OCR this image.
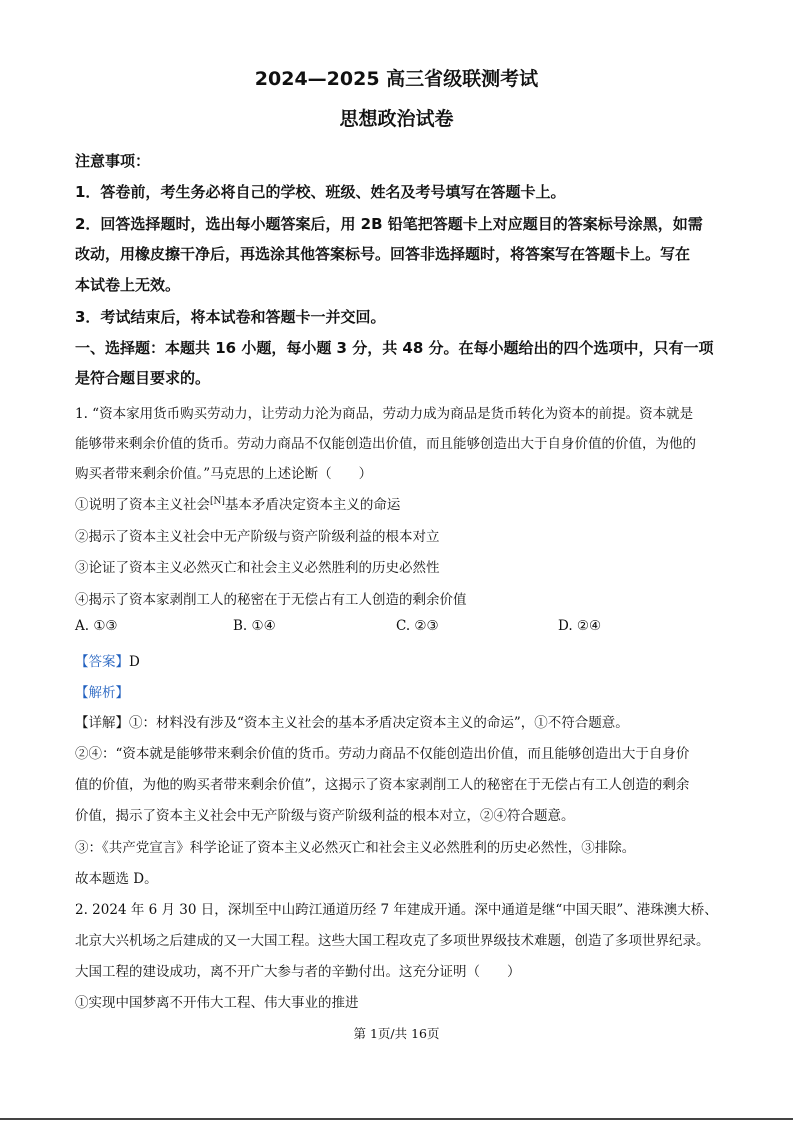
2024—2025 高三省级联测考试
思想政治试卷
注意事项：
1．答卷前，考生务必将自己的学校、班级、姓名及考号填写在答题卡上。
2．回答选择题时，选出每小题答案后，用 2B 铅笔把答题卡上对应题目的答案标号涂黑，如需
改动，用橡皮擦干净后，再选涂其他答案标号。回答非选择题时，将答案写在答题卡上。写在
本试卷上无效。
3．考试结束后，将本试卷和答题卡一并交回。
一、选择题：本题共 16 小题，每小题 3 分，共 48 分。在每小题给出的四个选项中，只有一项
是符合题目要求的。
1. “资本家用货币购买劳动力，让劳动力沦为商品，劳动力成为商品是货币转化为资本的前提。资本就是
能够带来剩余价值的货币。劳动力商品不仅能创造出价值，而且能够创造出大于自身价值的价值，为他的
购买者带来剩余价值。”马克思的上述论断（　　）
①说明了资本主义社会[N]基本矛盾决定资本主义的命运
②揭示了资本主义社会中无产阶级与资产阶级利益的根本对立
③论证了资本主义必然灭亡和社会主义必然胜利的历史必然性
④揭示了资本家剥削工人的秘密在于无偿占有工人创造的剩余价值
A. ①③	B. ①④	C. ②③	D. ②④
【答案】D
【解析】
【详解】①：材料没有涉及“资本主义社会的基本矛盾决定资本主义的命运”，①不符合题意。
②④：“资本就是能够带来剩余价值的货币。劳动力商品不仅能创造出价值，而且能够创造出大于自身价
值的价值，为他的购买者带来剩余价值”，这揭示了资本家剥削工人的秘密在于无偿占有工人创造的剩余
价值，揭示了资本主义社会中无产阶级与资产阶级利益的根本对立，②④符合题意。
③：《共产党宣言》科学论证了资本主义必然灭亡和社会主义必然胜利的历史必然性，③排除。
故本题选 D。
2. 2024 年 6 月 30 日，深圳至中山跨江通道历经 7 年建成开通。深中通道是继“中国天眼”、港珠澳大桥、
北京大兴机场之后建成的又一大国工程。这些大国工程攻克了多项世界级技术难题，创造了多项世界纪录。
大国工程的建设成功，离不开广大参与者的辛勤付出。这充分证明（　　）
①实现中国梦离不开伟大工程、伟大事业的推进
第 1页/共 16页
